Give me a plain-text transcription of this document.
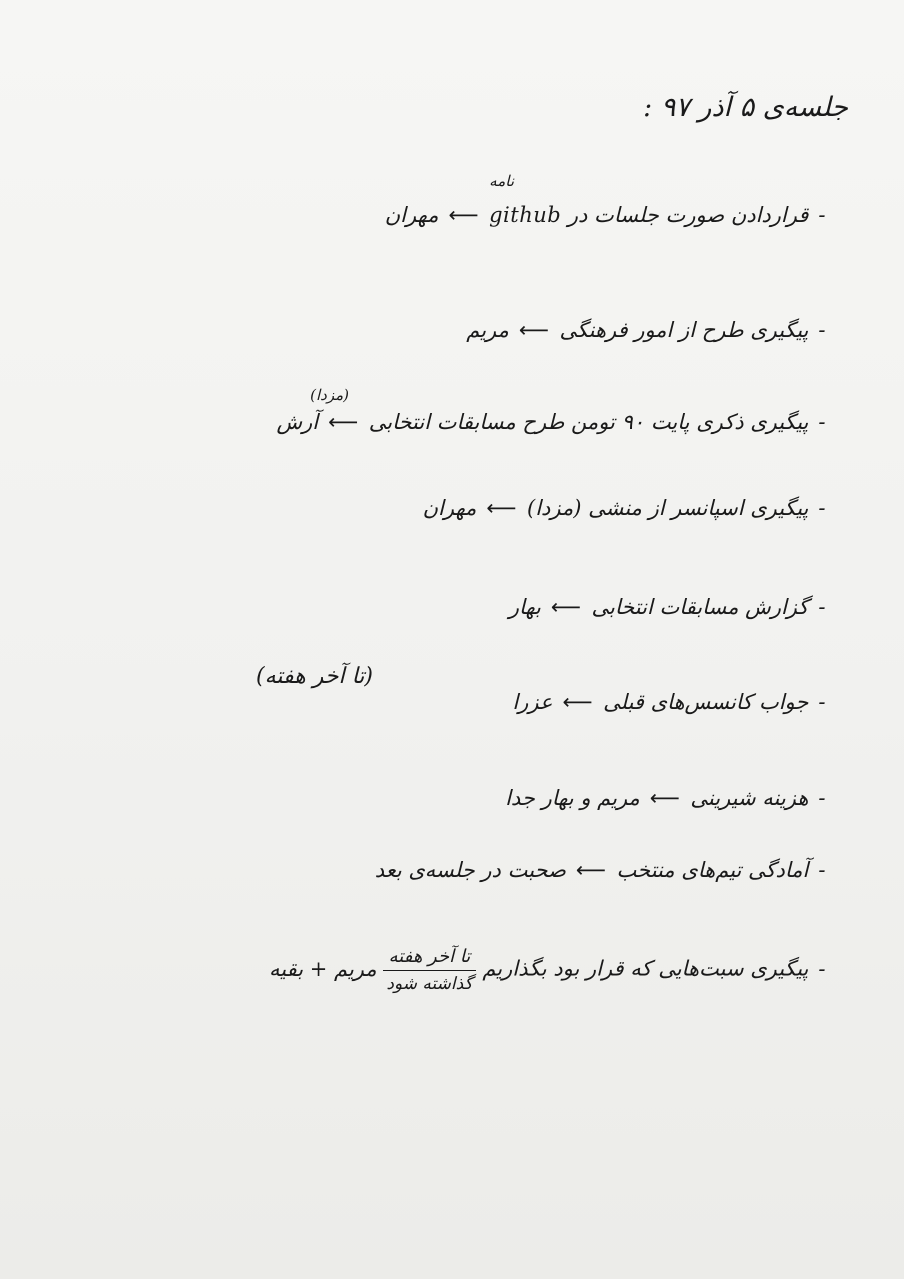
جلسه‌ی ۵ آذر ۹۷ :
نامه
-قراردادن صورت جلسات در github⟵مهران
-پیگیری طرح از امور فرهنگی⟵مریم
(مزدا)
-پیگیری ذکری پایت ۹۰ تومن طرح مسابقات انتخابی⟵آرش
-پیگیری اسپانسر از منشی (مزدا)⟵مهران
-گزارش مسابقات انتخابی⟵بهار
(تا آخر هفته)
-جواب کانسس‌های قبلی⟵عزرا
-هزینه شیرینی⟵مریم و بهار جدا
-آمادگی تیم‌های منتخب⟵صحبت در جلسه‌ی بعد
-پیگیری سبت‌هایی که قرار بود بگذاریم
$\frac{\text{تا آخر هفته}}{\text{گذاشته شود}}$
مریم + بقیه
